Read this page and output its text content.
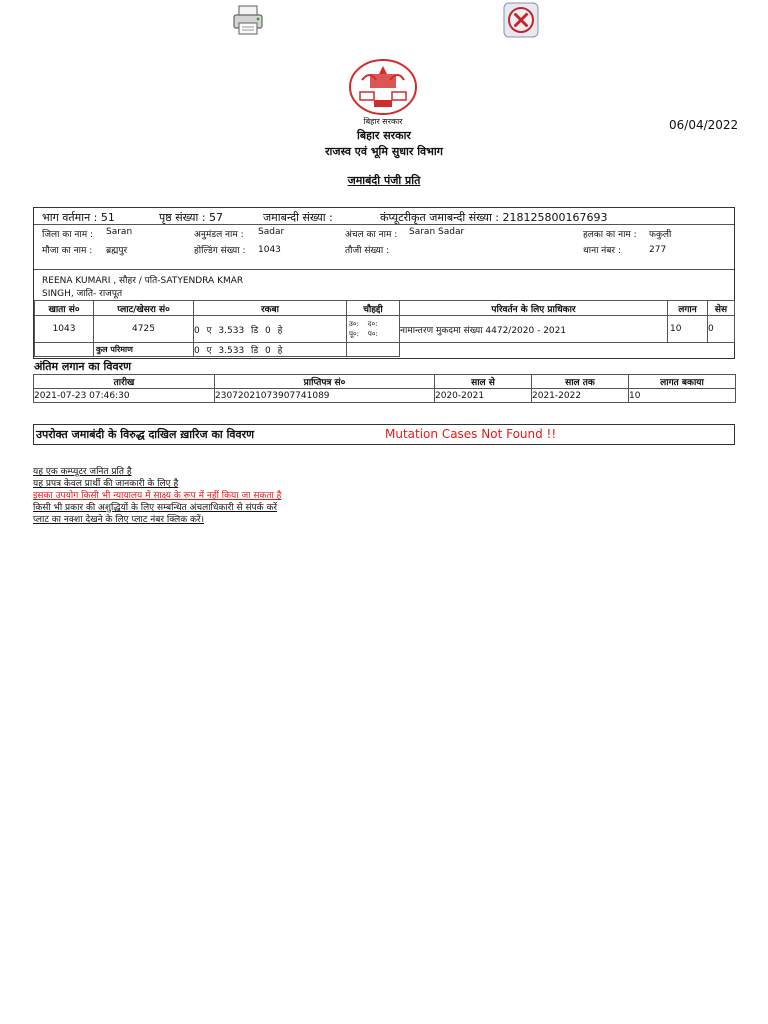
बिहार सरकार
बिहार सरकार
राजस्व एवं भूमि सुधार विभाग
06/04/2022
जमाबंदी पंजी प्रति
भाग वर्तमान : 51	पृष्ठ संख्या : 57	जमाबन्दी संख्या :	कंप्यूटरीकृत जमाबन्दी संख्या : 218125800167693
जिला का नाम : Saran	अनुमंडल नाम : Sadar	अंचल का नाम : Saran Sadar	हलका का नाम : फकुली
मौजा का नाम : ब्रह्मपुर	होल्डिंग संख्या : 1043	तौजी संख्या :	थाना नंबर :	277
REENA KUMARI , सौहर / पति-SATYENDRA KMAR
SINGH, जाति- राजपूत
खाता सं०	प्लाट/खेसरा सं०	रकबा	चौहद्दी	परिवर्तन के लिए प्राधिकार	लगान	सेस
1043	4725	0 ए 3.533 डि 0 हे	उ०:    द०:
पू०:    प०:	नामान्तरण मुकदमा संख्या 4472/2020 - 2021	10	0
	कुल परिमाण	0 ए 3.533 डि 0 हे				
अंतिम लगान का विवरण
तारीख	प्राप्तिपत्र सं०	साल से	साल तक	लागत बकाया
2021-07-23 07:46:30	23072021073907741089	2020-2021	2021-2022	10
उपरोक्त जमाबंदी के विरुद्ध दाखिल ख़ारिज का विवरण	Mutation Cases Not Found !!
यह एक कम्प्यूटर जनित प्रति है
यह प्रपत्र केवल प्रार्थी की जानकारी के लिए है
इसका उपयोग किसी भी न्यायालय में साक्ष्य के रूप में नहीं किया जा सकता है
किसी भी प्रकार की अशुद्धियों के लिए सम्बन्धित अंचलाधिकारी से संपर्क करें
प्लाट का नक्शा देखने के लिए प्लाट नंबर क्लिक करें।
